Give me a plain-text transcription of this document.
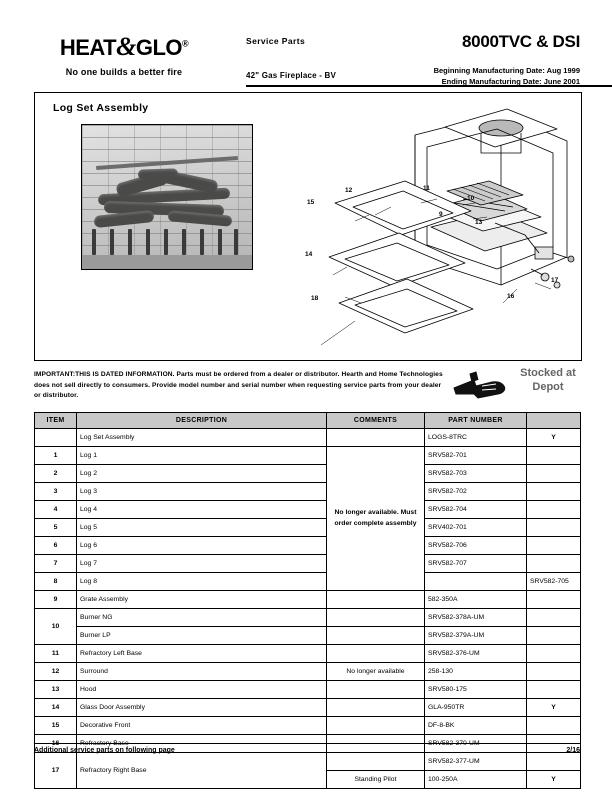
HEAT&GLO®
No one builds a better fire
Service Parts
42" Gas Fireplace - BV
8000TVC & DSI
Beginning Manufacturing Date: Aug 1999
Ending Manufacturing Date: June 2001
Log Set Assembly
15
12	11
10
9
14
18	16
17
13
IMPORTANT:THIS IS DATED INFORMATION. Parts must be ordered from a dealer or distributor. Hearth and Home Technologies does not sell directly to consumers. Provide model number and serial number when requesting service parts from your dealer or distributor.
Stocked at Depot
ITEM	DESCRIPTION	COMMENTS	PART NUMBER		
	Log Set Assembly		LOGS-8TRC	Y	
1	Log 1	No longer available. Must order complete assembly	SRV582-701		
2	Log 2		SRV582-703		
3	Log 3		SRV582-702		
4	Log 4		SRV582-704		
5	Log 5		SRV402-701		
6	Log 6		SRV582-706		
7	Log 7		SRV582-707		
8	Log 8			SRV582-705	
9	Grate Assembly		582-350A		
10	Burner NG		SRV582-378A-UM		
	Burner LP		SRV582-379A-UM		
11	Refractory Left Base		SRV582-376-UM		
12	Surround	No longer available	258-130		
13	Hood		SRV580-175		
14	Glass Door Assembly		GLA-950TR	Y	
15	Decorative Front		DF-8-BK		
16	Refractory Base		SRV582-370-UM		
17	Refractory Right Base		SRV582-377-UM		
		Standing Pilot	100-250A	Y	
2/16
Additional service parts on following page
